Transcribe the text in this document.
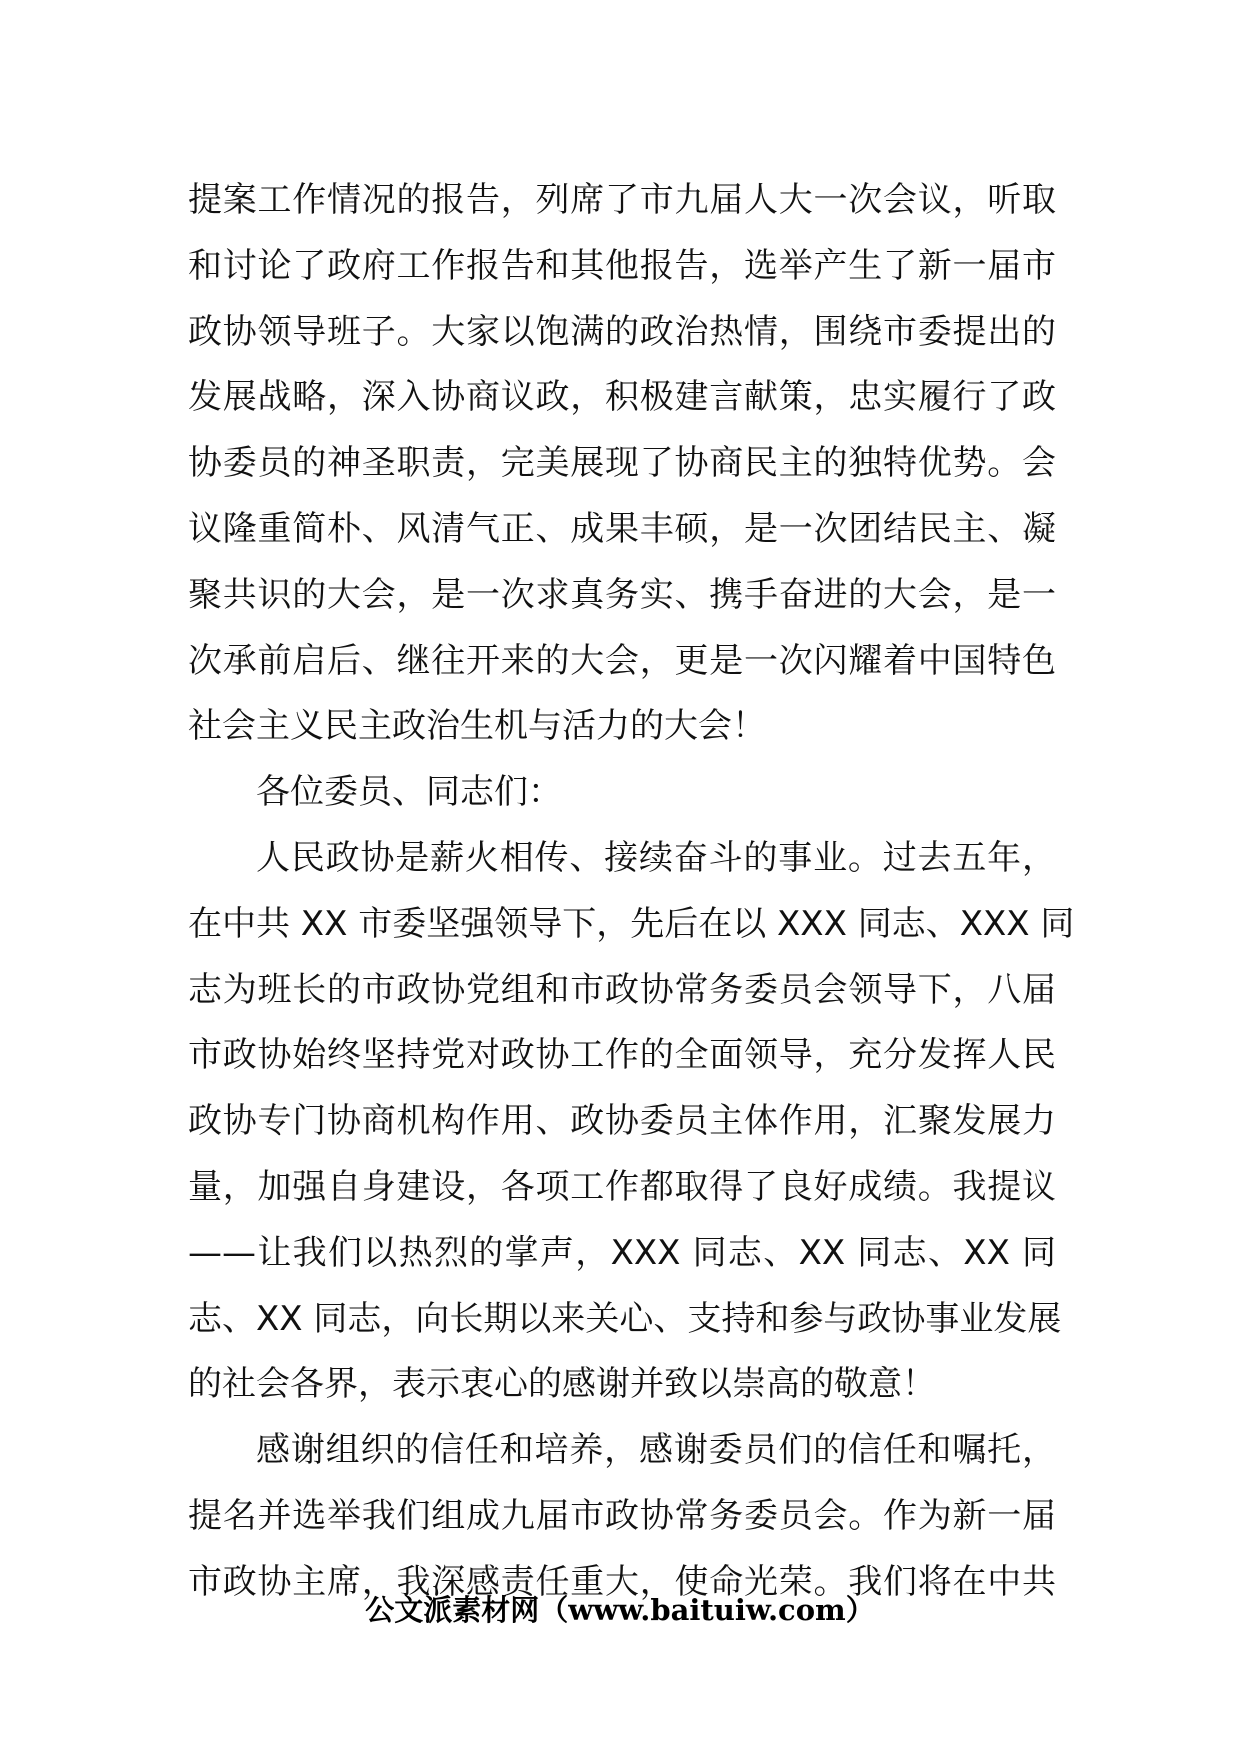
提案工作情况的报告，列席了市九届人大一次会议，听取
和讨论了政府工作报告和其他报告，选举产生了新一届市
政协领导班子。大家以饱满的政治热情，围绕市委提出的
发展战略，深入协商议政，积极建言献策，忠实履行了政
协委员的神圣职责，完美展现了协商民主的独特优势。会
议隆重简朴、风清气正、成果丰硕，是一次团结民主、凝
聚共识的大会，是一次求真务实、携手奋进的大会，是一
次承前启后、继往开来的大会，更是一次闪耀着中国特色
社会主义民主政治生机与活力的大会！
各位委员、同志们：
人民政协是薪火相传、接续奋斗的事业。过去五年，
在中共 XX 市委坚强领导下，先后在以 XXX 同志、XXX 同
志为班长的市政协党组和市政协常务委员会领导下，八届
市政协始终坚持党对政协工作的全面领导，充分发挥人民
政协专门协商机构作用、政协委员主体作用，汇聚发展力
量，加强自身建设，各项工作都取得了良好成绩。我提议
——让我们以热烈的掌声，XXX 同志、XX 同志、XX 同
志、XX 同志，向长期以来关心、支持和参与政协事业发展
的社会各界，表示衷心的感谢并致以崇高的敬意！
感谢组织的信任和培养，感谢委员们的信任和嘱托，
提名并选举我们组成九届市政协常务委员会。作为新一届
市政协主席，我深感责任重大，使命光荣。我们将在中共
公文派素材网（www.baituiw.com）
